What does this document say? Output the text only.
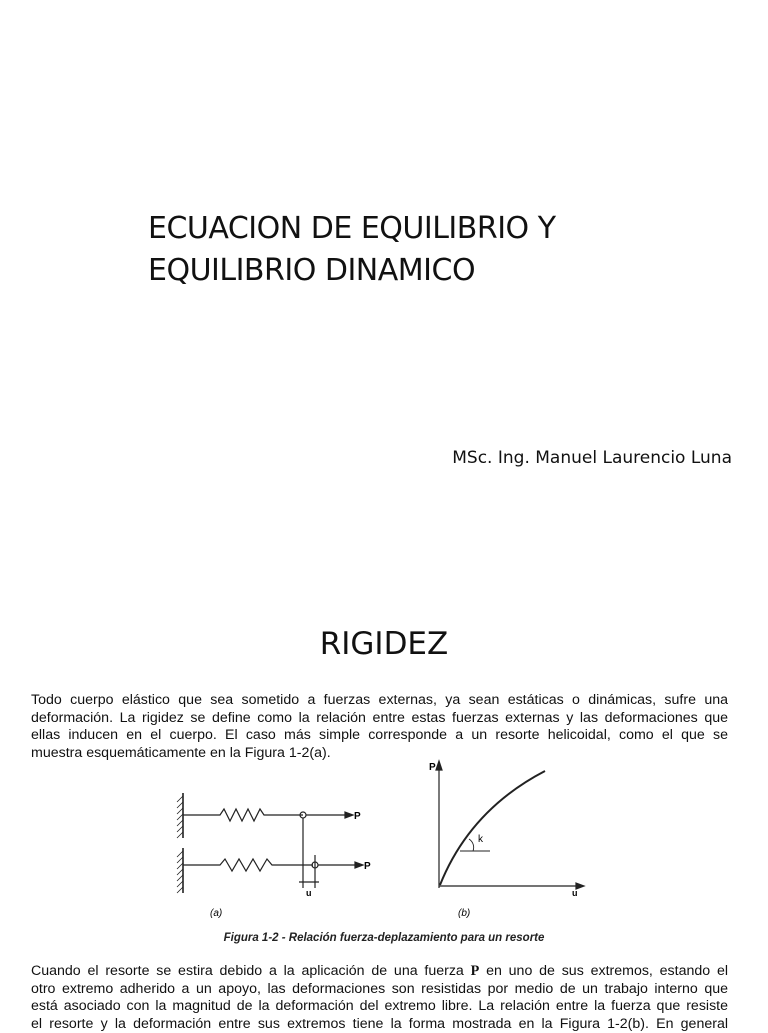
ECUACION DE EQUILIBRIO Y
EQUILIBRIO DINAMICO
MSc. Ing. Manuel Laurencio Luna
RIGIDEZ
Todo cuerpo elástico que sea sometido a fuerzas externas, ya sean estáticas o dinámicas, sufre una
deformación. La rigidez se define como la relación entre estas fuerzas externas y las deformaciones que
ellas inducen en el cuerpo. El caso más simple corresponde a un resorte helicoidal, como el que se
muestra esquemáticamente en la Figura 1-2(a).
P
P
u
(a)
P
u
k
(b)
Figura 1-2 - Relación fuerza-deplazamiento para un resorte
Cuando el resorte se estira debido a la aplicación de una fuerza P en uno de sus extremos, estando el
otro extremo adherido a un apoyo, las deformaciones son resistidas por medio de un trabajo interno que
está asociado con la magnitud de la deformación del extremo libre. La relación entre la fuerza que resiste
el resorte y la deformación entre sus extremos tiene la forma mostrada en la Figura 1-2(b). En general
